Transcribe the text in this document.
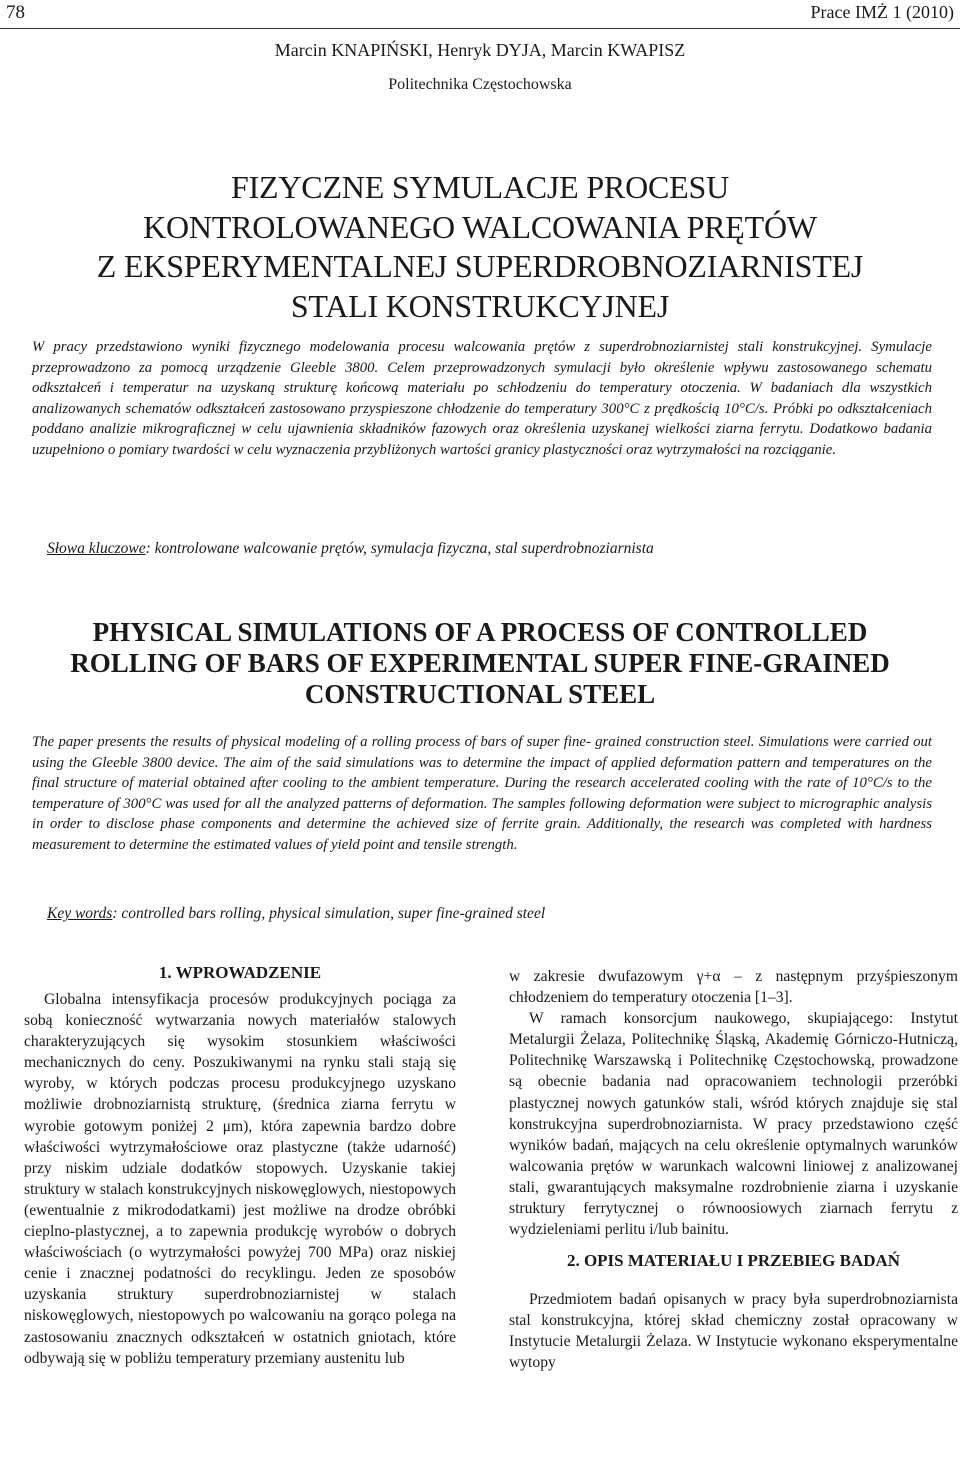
78	Prace IMŻ 1 (2010)
Marcin KNAPIŃSKI, Henryk DYJA, Marcin KWAPISZ
Politechnika Częstochowska
FIZYCZNE SYMULACJE PROCESU
KONTROLOWANEGO WALCOWANIA PRĘTÓW
Z EKSPERYMENTALNEJ SUPERDROBNOZIARNISTEJ
STALI KONSTRUKCYJNEJ

W pracy przedstawiono wyniki fizycznego modelowania procesu walcowania prętów z superdrobnoziarnistej stali konstrukcyjnej. Symulacje przeprowadzono za pomocą urządzenie Gleeble 3800. Celem przeprowadzonych symulacji było określenie wpływu zastosowanego schematu odkształceń i temperatur na uzyskaną strukturę końcową materiału po schłodzeniu do temperatury otoczenia. W badaniach dla wszystkich analizowanych schematów odkształceń zastosowano przyspieszone chłodzenie do temperatury 300°C z prędkością 10°C/s. Próbki po odkształceniach poddano analizie mikrograficznej w celu ujawnienia składników fazowych oraz określenia uzyskanej wielkości ziarna ferrytu. Dodatkowo badania uzupełniono o pomiary twardości w celu wyznaczenia przybliżonych wartości granicy plastyczności oraz wytrzymałości na rozciąganie.

Słowa kluczowe: kontrolowane walcowanie prętów, symulacja fizyczna, stal superdrobnoziarnista

PHYSICAL SIMULATIONS OF A PROCESS OF CONTROLLED
ROLLING OF BARS OF EXPERIMENTAL SUPER FINE-GRAINED
CONSTRUCTIONAL STEEL

The paper presents the results of physical modeling of a rolling process of bars of super fine- grained construction steel. Simulations were carried out using the Gleeble 3800 device. The aim of the said simulations was to determine the impact of applied deformation pattern and temperatures on the final structure of material obtained after cooling to the ambient temperature. During the research accelerated cooling with the rate of 10°C/s to the temperature of 300°C was used for all the analyzed patterns of deformation. The samples following deformation were subject to micrographic analysis in order to disclose phase components and determine the achieved size of ferrite grain. Additionally, the research was completed with hardness measurement to determine the estimated values of yield point and tensile strength.

Key words: controlled bars rolling, physical simulation, super fine-grained steel

1. WPROWADZENIE

Globalna intensyfikacja procesów produkcyjnych pociąga za sobą konieczność wytwarzania nowych materiałów stalowych charakteryzujących się wysokim stosunkiem właściwości mechanicznych do ceny. Poszukiwanymi na rynku stali stają się wyroby, w których podczas procesu produkcyjnego uzyskano możliwie drobnoziarnistą strukturę, (średnica ziarna ferrytu w wyrobie gotowym poniżej 2 μm), która zapewnia bardzo dobre właściwości wytrzymałościowe oraz plastyczne (także udarność) przy niskim udziale dodatków stopowych. Uzyskanie takiej struktury w stalach konstrukcyjnych niskowęglowych, niestopowych (ewentualnie z mikrododatkami) jest możliwe na drodze obróbki cieplno-plastycznej, a to zapewnia produkcję wyrobów o dobrych właściwościach (o wytrzymałości powyżej 700 MPa) oraz niskiej cenie i znacznej podatności do recyklingu. Jeden ze sposobów uzyskania struktury superdrobnoziarnistej w stalach niskowęglowych, niestopowych po walcowaniu na gorąco polega na zastosowaniu znacznych odkształceń w ostatnich gniotach, które odbywają się w pobliżu temperatury przemiany austenitu lub

w zakresie dwufazowym γ+α – z następnym przyśpieszonym chłodzeniem do temperatury otoczenia [1–3].

W ramach konsorcjum naukowego, skupiającego: Instytut Metalurgii Żelaza, Politechnikę Śląską, Akademię Górniczo-Hutniczą, Politechnikę Warszawską i Politechnikę Częstochowską, prowadzone są obecnie badania nad opracowaniem technologii przeróbki plastycznej nowych gatunków stali, wśród których znajduje się stal konstrukcyjna superdrobnoziarnista. W pracy przedstawiono część wyników badań, mających na celu określenie optymalnych warunków walcowania prętów w warunkach walcowni liniowej z analizowanej stali, gwarantujących maksymalne rozdrobnienie ziarna i uzyskanie struktury ferrytycznej o równoosiowych ziarnach ferrytu z wydzieleniami perlitu i/lub bainitu.

2. OPIS MATERIAŁU I PRZEBIEG BADAŃ

Przedmiotem badań opisanych w pracy była superdrobnoziarnista stal konstrukcyjna, której skład chemiczny został opracowany w Instytucie Metalurgii Żelaza. W Instytucie wykonano eksperymentalne wytopy
